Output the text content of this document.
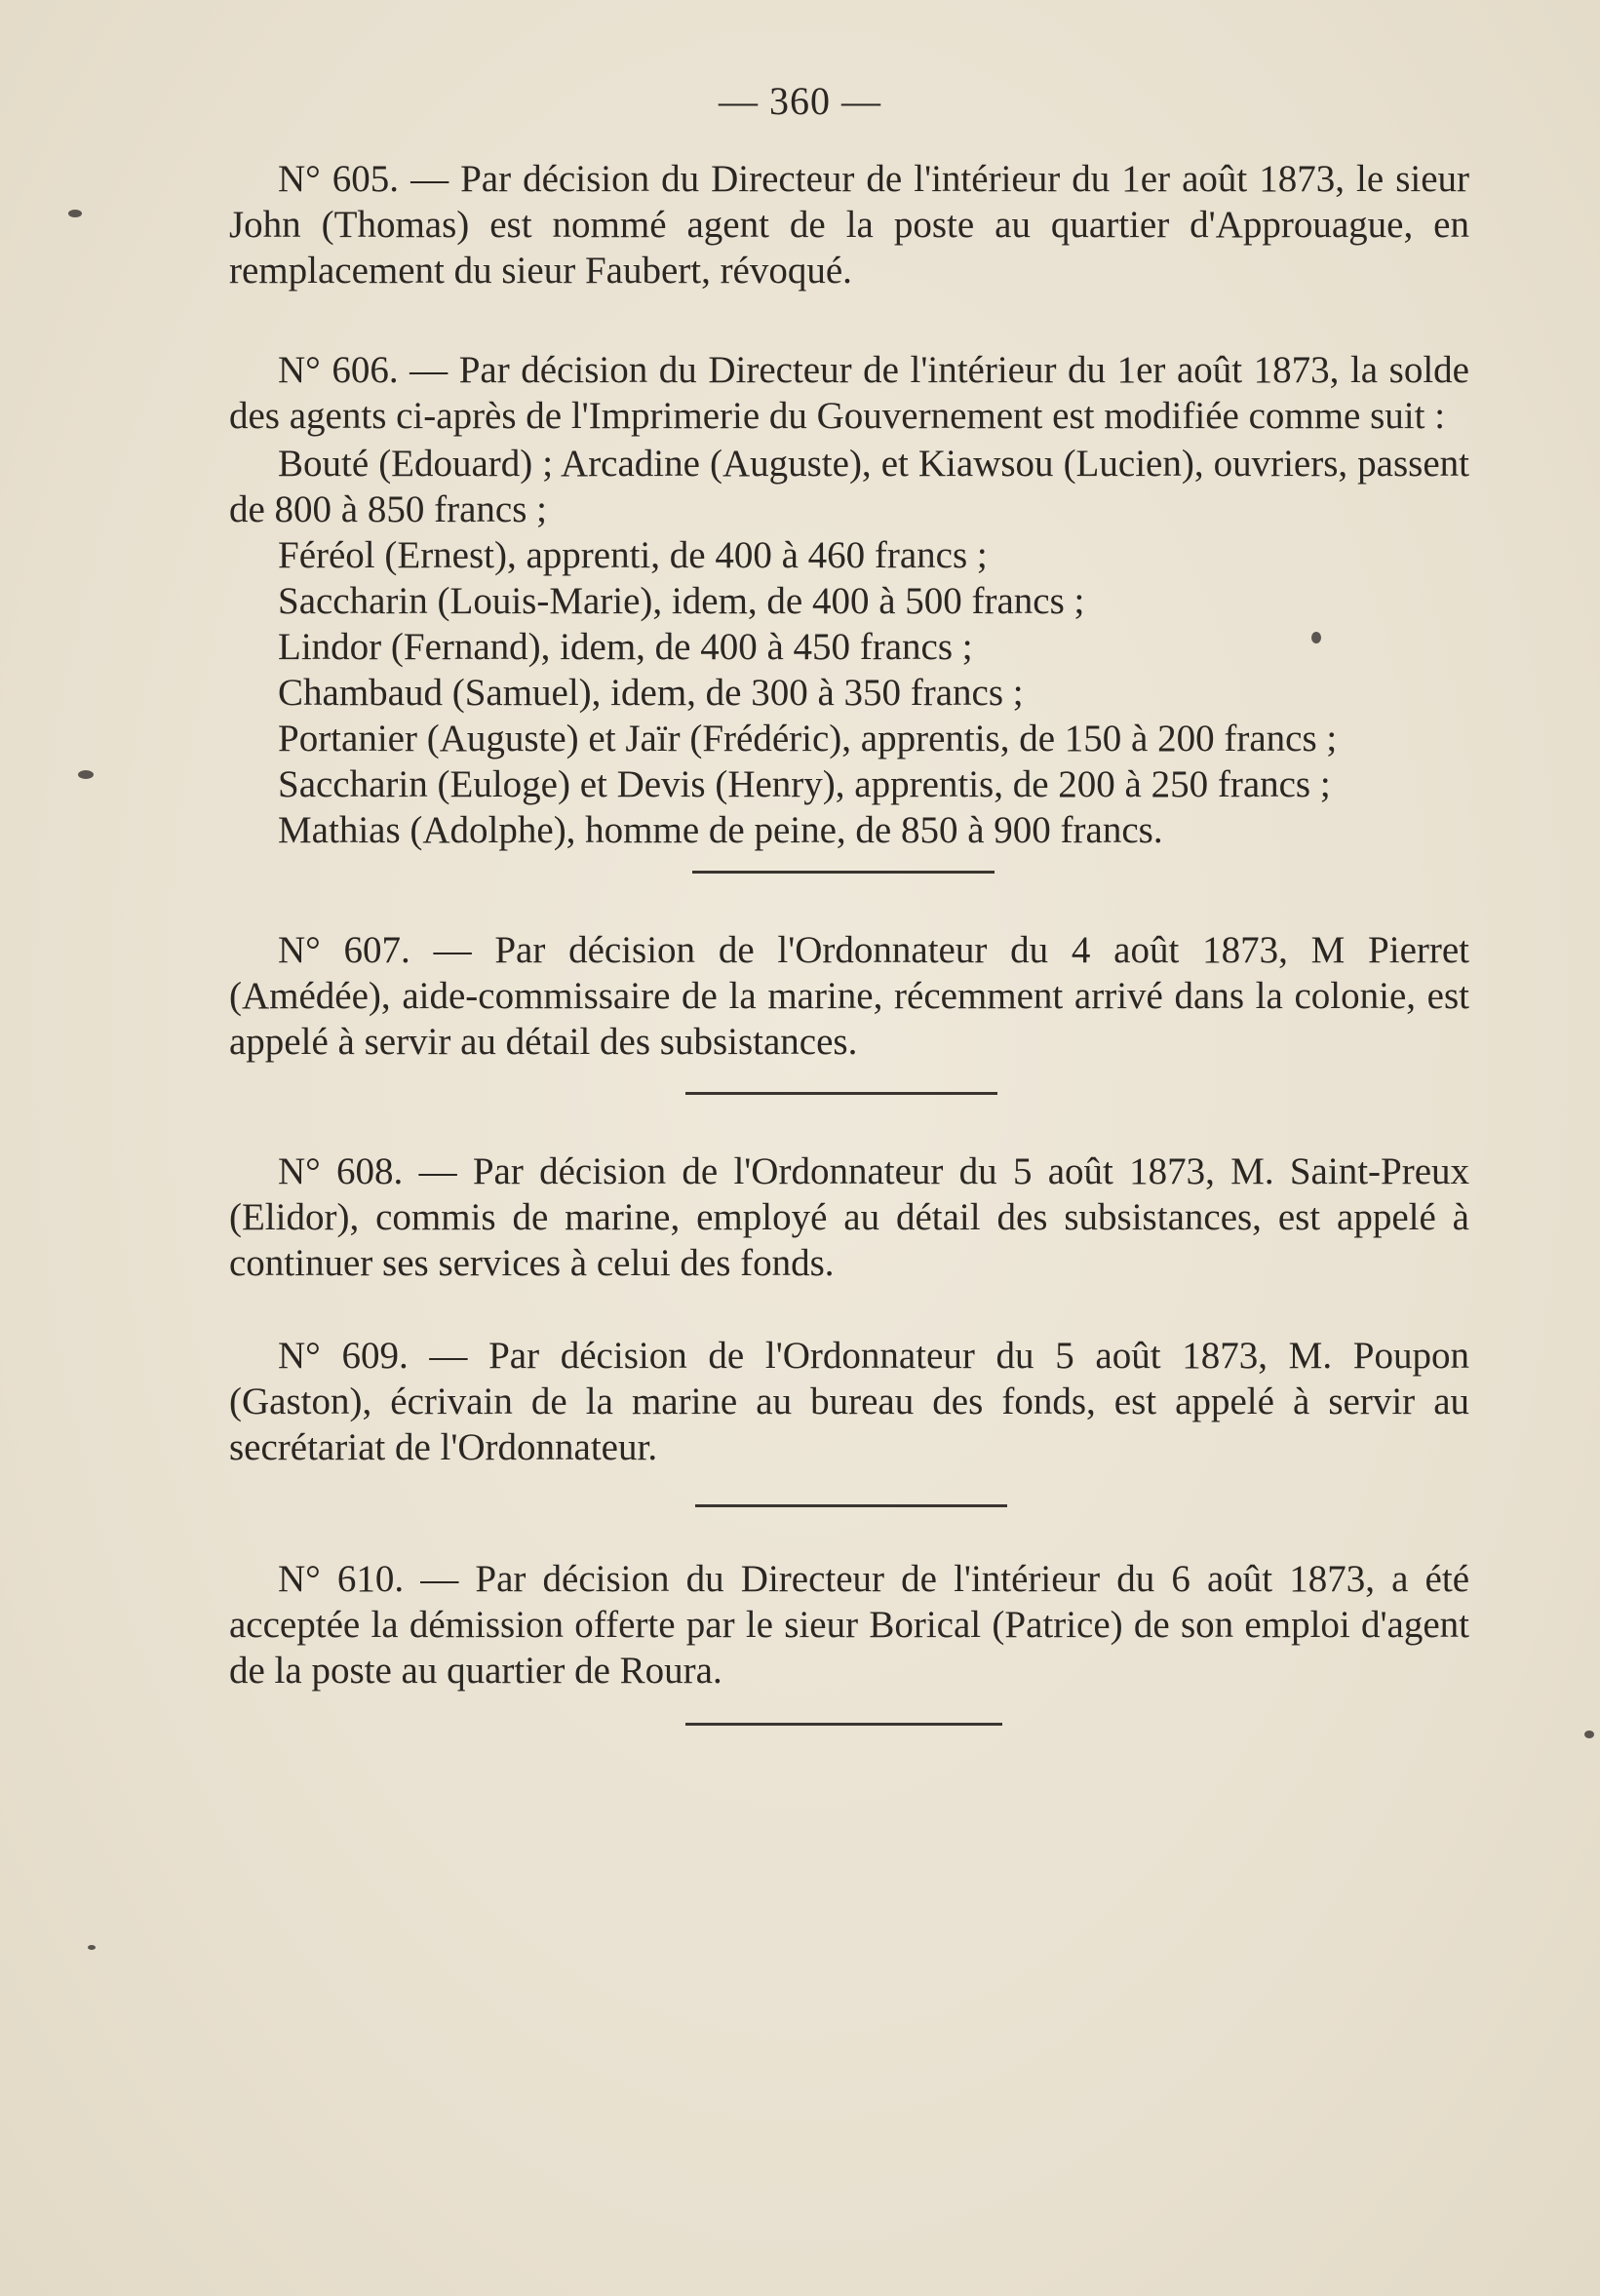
— 360 —

N° 605. — Par décision du Directeur de l'intérieur du 1er août 1873, le sieur John (Thomas) est nommé agent de la poste au quartier d'Approuague, en remplacement du sieur Faubert, révoqué.

N° 606. — Par décision du Directeur de l'intérieur du 1er août 1873, la solde des agents ci-après de l'Imprimerie du Gouvernement est modifiée comme suit :

Bouté (Edouard) ; Arcadine (Auguste), et Kiawsou (Lucien), ouvriers, passent de 800 à 850 francs ;

Féréol (Ernest), apprenti, de 400 à 460 francs ;

Saccharin (Louis-Marie), idem, de 400 à 500 francs ;

Lindor (Fernand), idem, de 400 à 450 francs ;

Chambaud (Samuel), idem, de 300 à 350 francs ;

Portanier (Auguste) et Jaïr (Frédéric), apprentis, de 150 à 200 francs ;

Saccharin (Euloge) et Devis (Henry), apprentis, de 200 à 250 francs ;

Mathias (Adolphe), homme de peine, de 850 à 900 francs.

N° 607. — Par décision de l'Ordonnateur du 4 août 1873, M Pierret (Amédée), aide-commissaire de la marine, récemment arrivé dans la colonie, est appelé à servir au détail des subsistances.

N° 608. — Par décision de l'Ordonnateur du 5 août 1873, M. Saint-Preux (Elidor), commis de marine, employé au détail des subsistances, est appelé à continuer ses services à celui des fonds.

N° 609. — Par décision de l'Ordonnateur du 5 août 1873, M. Poupon (Gaston), écrivain de la marine au bureau des fonds, est appelé à servir au secrétariat de l'Ordonnateur.

N° 610. — Par décision du Directeur de l'intérieur du 6 août 1873, a été acceptée la démission offerte par le sieur Borical (Patrice) de son emploi d'agent de la poste au quartier de Roura.
